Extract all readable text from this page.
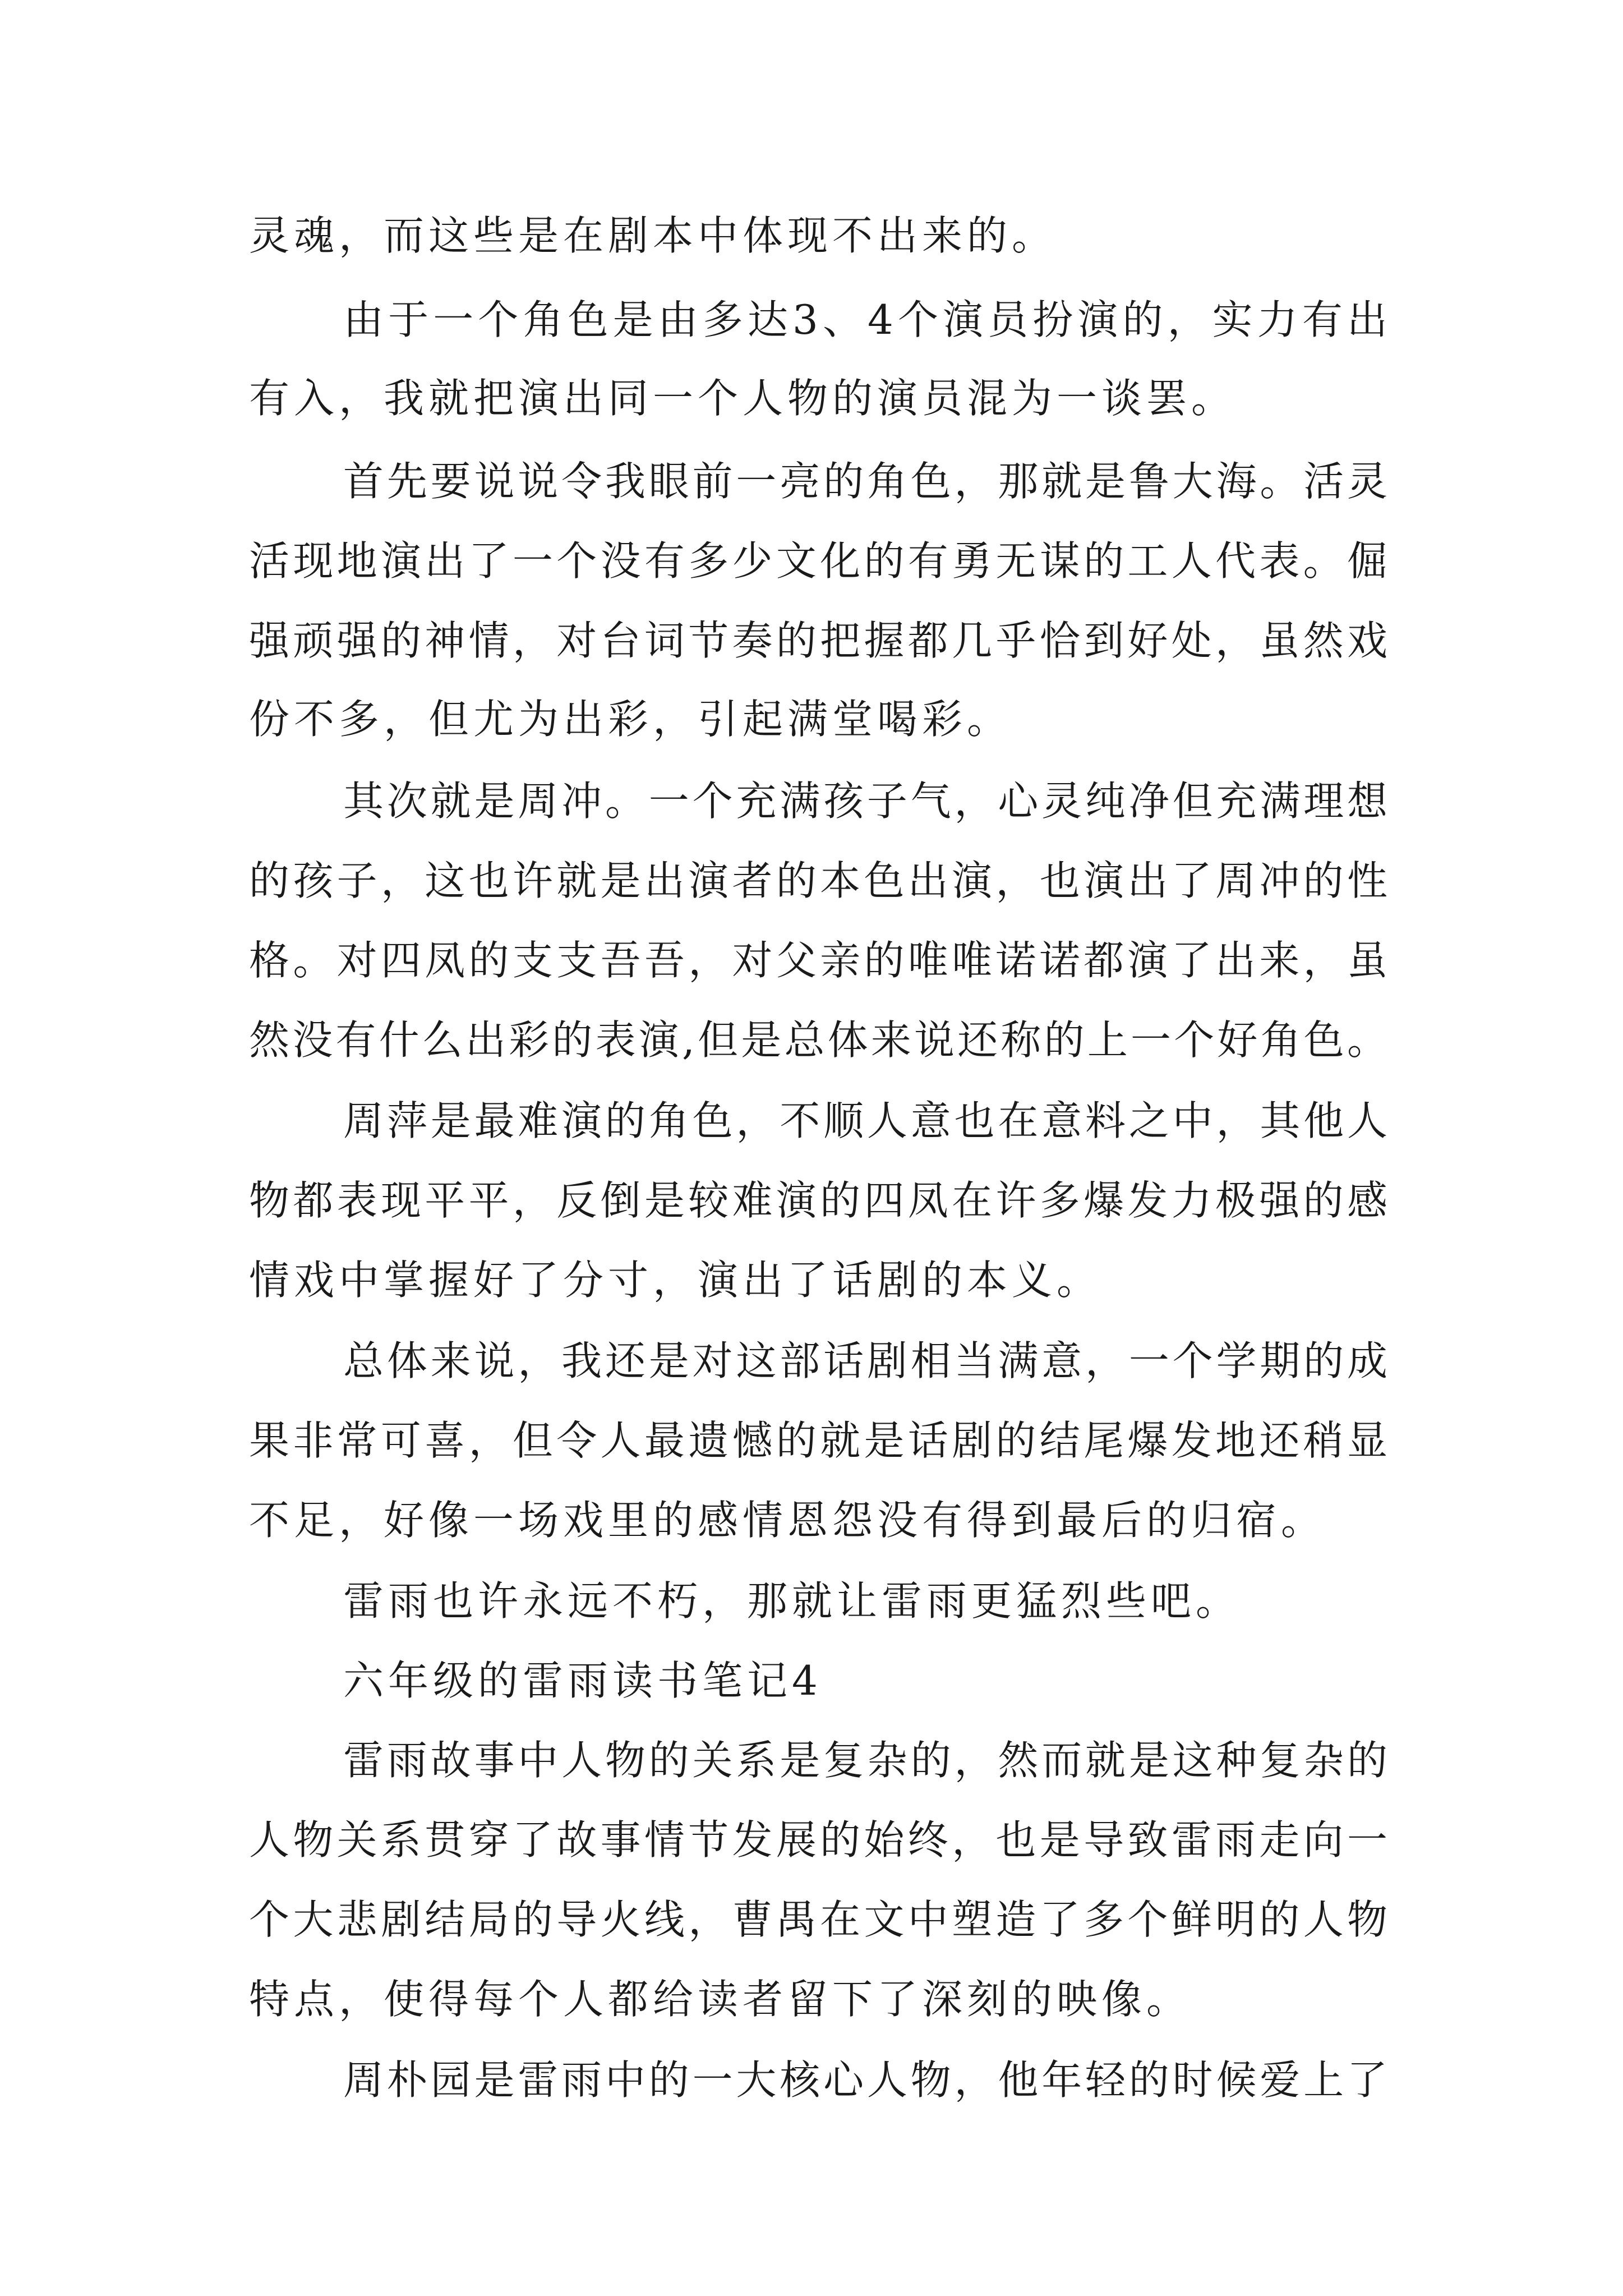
灵魂，而这些是在剧本中体现不出来的。
由于一个角色是由多达3、4个演员扮演的，实力有出
有入，我就把演出同一个人物的演员混为一谈罢。
首先要说说令我眼前一亮的角色，那就是鲁大海。活灵
活现地演出了一个没有多少文化的有勇无谋的工人代表。倔
强顽强的神情，对台词节奏的把握都几乎恰到好处，虽然戏
份不多，但尤为出彩，引起满堂喝彩。
其次就是周冲。一个充满孩子气，心灵纯净但充满理想
的孩子，这也许就是出演者的本色出演，也演出了周冲的性
格。对四凤的支支吾吾，对父亲的唯唯诺诺都演了出来，虽
然没有什么出彩的表演,但是总体来说还称的上一个好角色。
周萍是最难演的角色，不顺人意也在意料之中，其他人
物都表现平平，反倒是较难演的四凤在许多爆发力极强的感
情戏中掌握好了分寸，演出了话剧的本义。
总体来说，我还是对这部话剧相当满意，一个学期的成
果非常可喜，但令人最遗憾的就是话剧的结尾爆发地还稍显
不足，好像一场戏里的感情恩怨没有得到最后的归宿。
雷雨也许永远不朽，那就让雷雨更猛烈些吧。
六年级的雷雨读书笔记4
雷雨故事中人物的关系是复杂的，然而就是这种复杂的
人物关系贯穿了故事情节发展的始终，也是导致雷雨走向一
个大悲剧结局的导火线，曹禺在文中塑造了多个鲜明的人物
特点，使得每个人都给读者留下了深刻的映像。
周朴园是雷雨中的一大核心人物，他年轻的时候爱上了
